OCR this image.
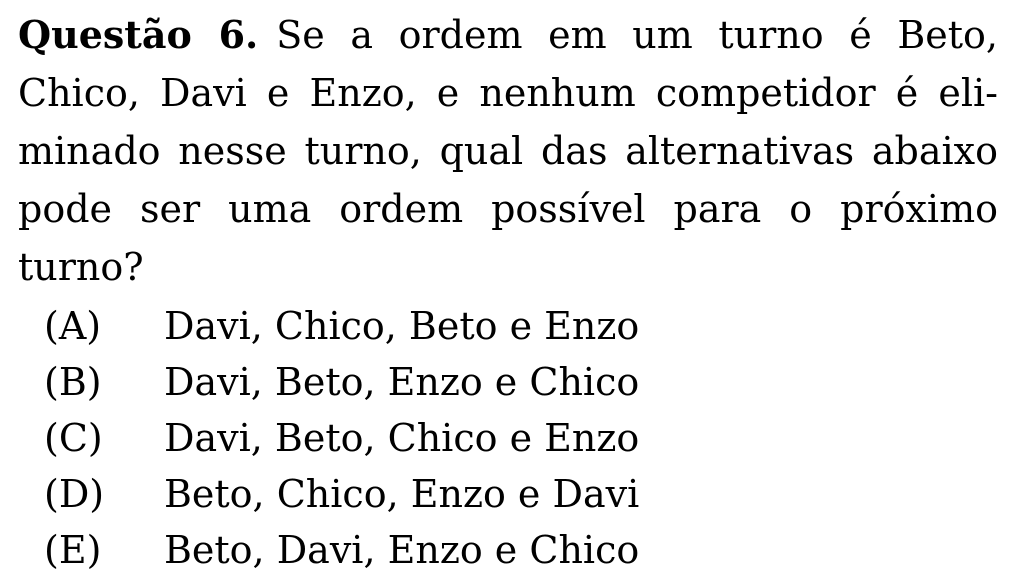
Questão 6. Se a ordem em um turno é Beto,
Chico, Davi e Enzo, e nenhum competidor é eli-
minado nesse turno, qual das alternativas abaixo
pode ser uma ordem possível para o próximo
turno?
(A)	Davi, Chico, Beto e Enzo
(B)	Davi, Beto, Enzo e Chico
(C)	Davi, Beto, Chico e Enzo
(D)	Beto, Chico, Enzo e Davi
(E)	Beto, Davi, Enzo e Chico
